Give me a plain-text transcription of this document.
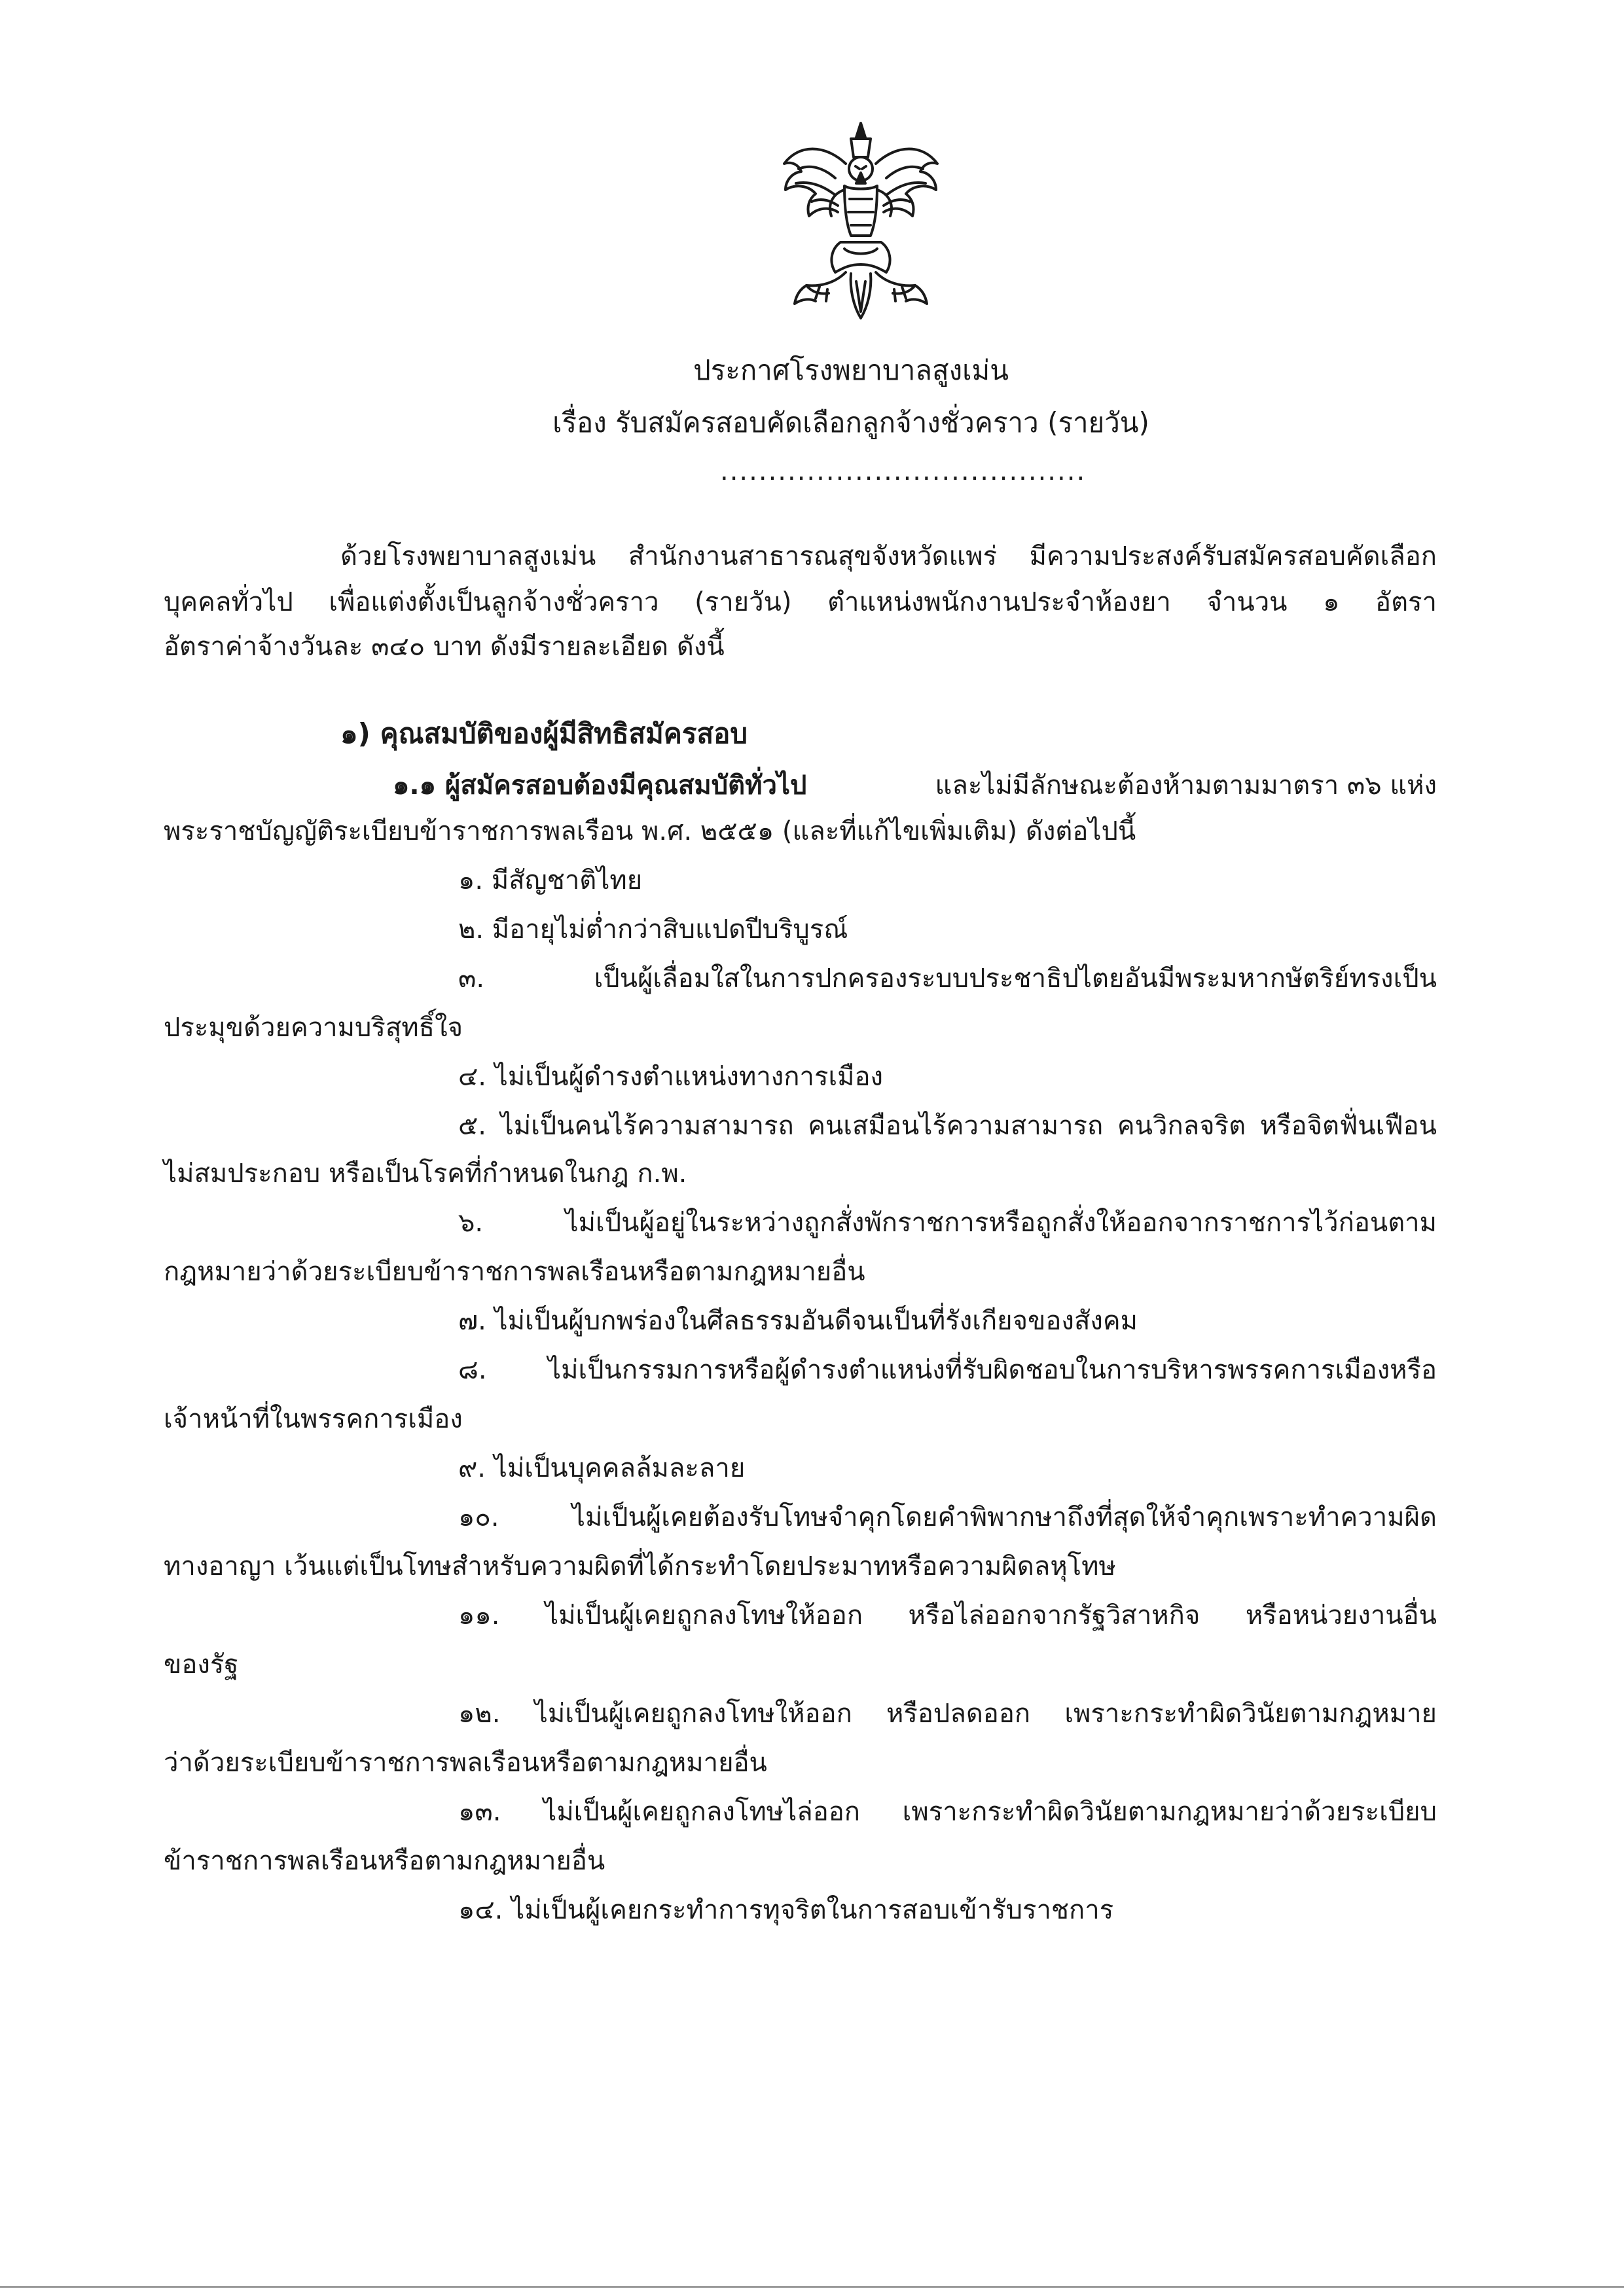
ประกาศโรงพยาบาลสูงเม่น
เรื่อง รับสมัครสอบคัดเลือกลูกจ้างชั่วคราว (รายวัน)
......................................
ด้วยโรงพยาบาลสูงเม่น สำนักงานสาธารณสุขจังหวัดแพร่ มีความประสงค์รับสมัครสอบคัดเลือก
บุคคลทั่วไป เพื่อแต่งตั้งเป็นลูกจ้างชั่วคราว (รายวัน) ตำแหน่งพนักงานประจำห้องยา จำนวน ๑ อัตรา
อัตราค่าจ้างวันละ ๓๔๐ บาท ดังมีรายละเอียด ดังนี้
๑) คุณสมบัติของผู้มีสิทธิสมัครสอบ
๑.๑ ผู้สมัครสอบต้องมีคุณสมบัติทั่วไป	และไม่มีลักษณะต้องห้ามตามมาตรา ๓๖ แห่ง
พระราชบัญญัติระเบียบข้าราชการพลเรือน พ.ศ. ๒๕๕๑ (และที่แก้ไขเพิ่มเติม) ดังต่อไปนี้
๑. มีสัญชาติไทย
๒. มีอายุไม่ต่ำกว่าสิบแปดปีบริบูรณ์
๓. เป็นผู้เลื่อมใสในการปกครองระบบประชาธิปไตยอันมีพระมหากษัตริย์ทรงเป็น
ประมุขด้วยความบริสุทธิ์ใจ
๔. ไม่เป็นผู้ดำรงตำแหน่งทางการเมือง
๕. ไม่เป็นคนไร้ความสามารถ คนเสมือนไร้ความสามารถ คนวิกลจริต หรือจิตฟั่นเฟือน
ไม่สมประกอบ หรือเป็นโรคที่กำหนดในกฎ ก.พ.
๖. ไม่เป็นผู้อยู่ในระหว่างถูกสั่งพักราชการหรือถูกสั่งให้ออกจากราชการไว้ก่อนตาม
กฎหมายว่าด้วยระเบียบข้าราชการพลเรือนหรือตามกฎหมายอื่น
๗. ไม่เป็นผู้บกพร่องในศีลธรรมอันดีจนเป็นที่รังเกียจของสังคม
๘. ไม่เป็นกรรมการหรือผู้ดำรงตำแหน่งที่รับผิดชอบในการบริหารพรรคการเมืองหรือ
เจ้าหน้าที่ในพรรคการเมือง
๙. ไม่เป็นบุคคลล้มละลาย
๑๐. ไม่เป็นผู้เคยต้องรับโทษจำคุกโดยคำพิพากษาถึงที่สุดให้จำคุกเพราะทำความผิด
ทางอาญา เว้นแต่เป็นโทษสำหรับความผิดที่ได้กระทำโดยประมาทหรือความผิดลหุโทษ
๑๑. ไม่เป็นผู้เคยถูกลงโทษให้ออก หรือไล่ออกจากรัฐวิสาหกิจ หรือหน่วยงานอื่น
ของรัฐ
๑๒. ไม่เป็นผู้เคยถูกลงโทษให้ออก หรือปลดออก เพราะกระทำผิดวินัยตามกฎหมาย
ว่าด้วยระเบียบข้าราชการพลเรือนหรือตามกฎหมายอื่น
๑๓. ไม่เป็นผู้เคยถูกลงโทษไล่ออก เพราะกระทำผิดวินัยตามกฎหมายว่าด้วยระเบียบ
ข้าราชการพลเรือนหรือตามกฎหมายอื่น
๑๔. ไม่เป็นผู้เคยกระทำการทุจริตในการสอบเข้ารับราชการ
